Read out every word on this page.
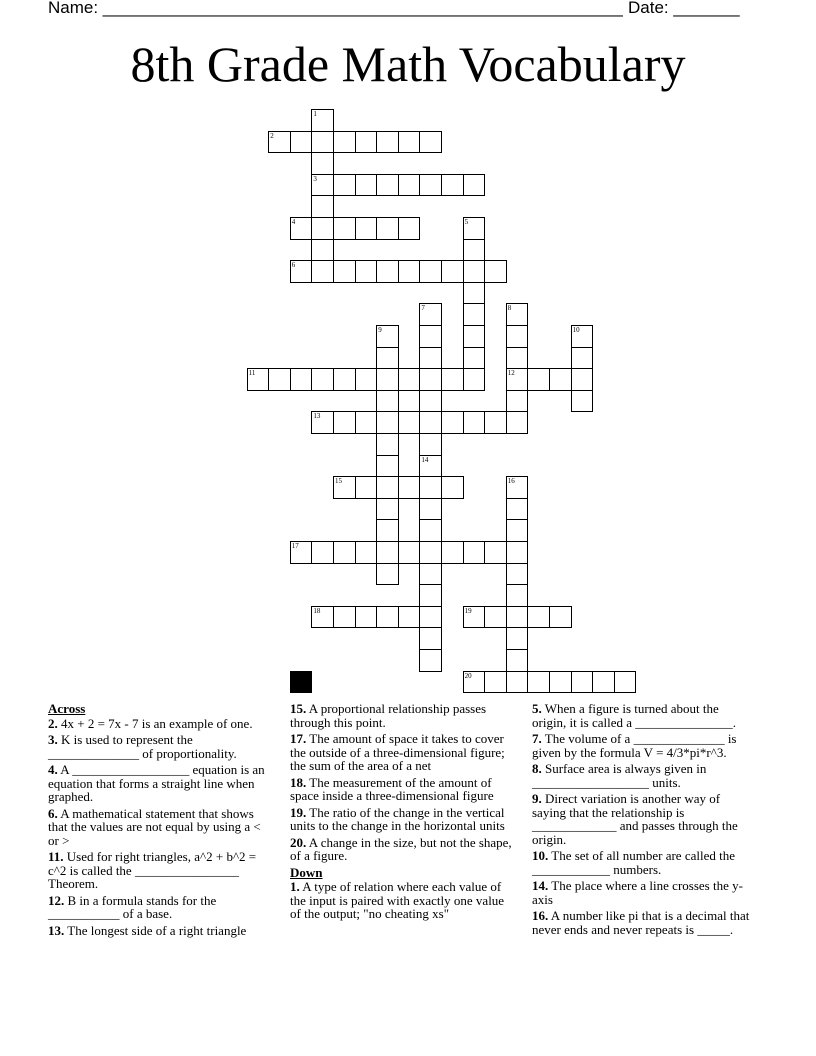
Name: _______________________________________________________ Date: _______
8th Grade Math Vocabulary
1
3
2
4	5
6
7
14
8
12
9	10
11
13
15	16
17
18	19
20
Across
2. 4x + 2 = 7x - 7 is an example of one.
3. K is used to represent the ______________ of proportionality.
4. A __________________ equation is an equation that forms a straight line when graphed.
6. A mathematical statement that shows that the values are not equal by using a < or >
11. Used for right triangles, a^2 + b^2 = c^2 is called the ________________ Theorem.
12. B in a formula stands for the ___________ of a base.
13. The longest side of a right triangle
15. A proportional relationship passes through this point.
17. The amount of space it takes to cover the outside of a three-dimensional figure; the sum of the area of a net
18. The measurement of the amount of space inside a three-dimensional figure
19. The ratio of the change in the vertical units to the change in the horizontal units
20. A change in the size, but not the shape, of a figure.
Down
1. A type of relation where each value of the input is paired with exactly one value of the output; "no cheating xs"
5. When a figure is turned about the origin, it is called a _______________.
7. The volume of a ______________ is given by the formula V = 4/3*pi*r^3.
8. Surface area is always given in __________________ units.
9. Direct variation is another way of saying that the relationship is _____________ and passes through the origin.
10. The set of all number are called the ____________ numbers.
14. The place where a line crosses the y-axis
16. A number like pi that is a decimal that never ends and never repeats is _____.
